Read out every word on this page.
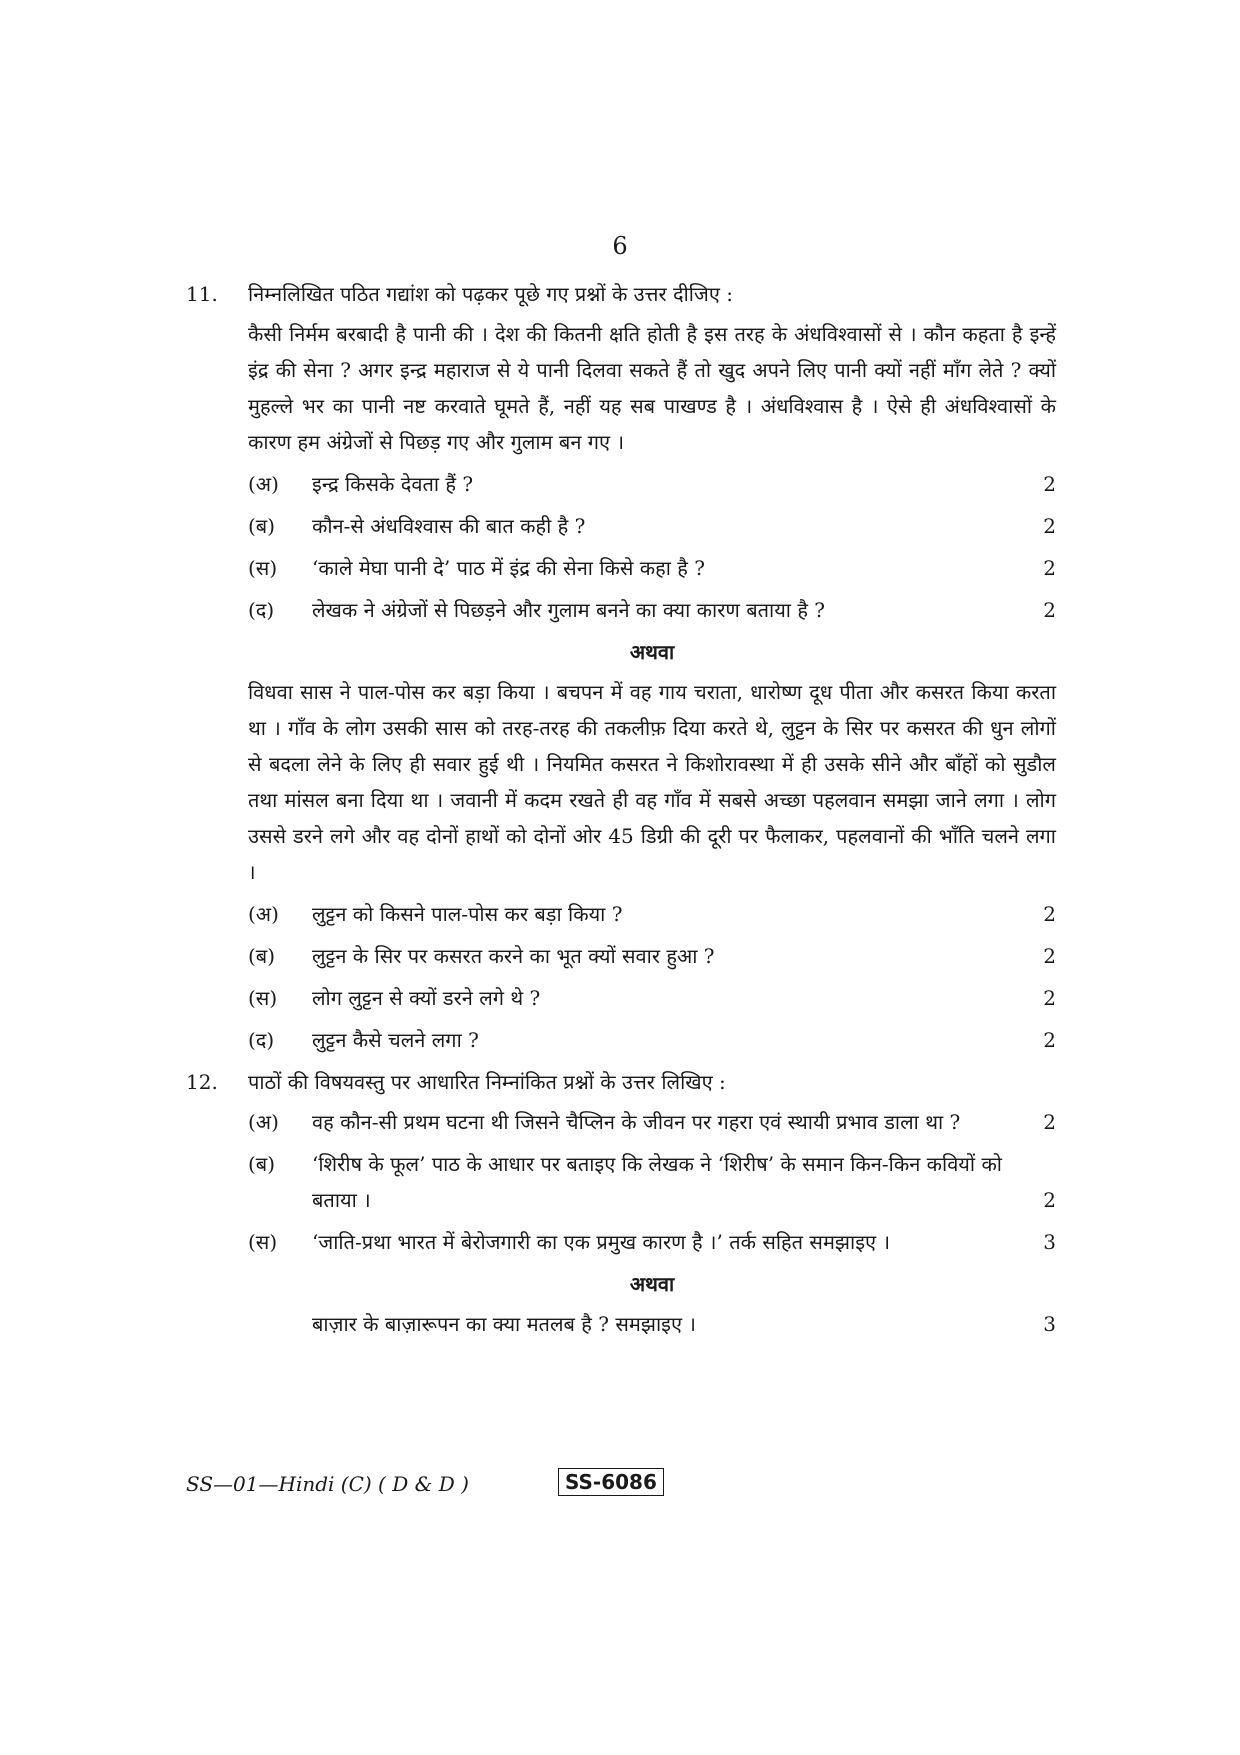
6
11. निम्नलिखित पठित गद्यांश को पढ़कर पूछे गए प्रश्नों के उत्तर दीजिए :

कैसी निर्मम बरबादी है पानी की । देश की कितनी क्षति होती है इस तरह के अंधविश्वासों से । कौन कहता है इन्हें इंद्र की सेना ? अगर इन्द्र महाराज से ये पानी दिलवा सकते हैं तो खुद अपने लिए पानी क्यों नहीं माँग लेते ? क्यों मुहल्ले भर का पानी नष्ट करवाते घूमते हैं, नहीं यह सब पाखण्ड है । अंधविश्वास है । ऐसे ही अंधविश्वासों के कारण हम अंग्रेजों से पिछड़ गए और गुलाम बन गए ।

(अ) इन्द्र किसके देवता हैं ?	2
(ब) कौन-से अंधविश्वास की बात कही है ?	2
(स) ‘काले मेघा पानी दे’ पाठ में इंद्र की सेना किसे कहा है ?	2
(द) लेखक ने अंग्रेजों से पिछड़ने और गुलाम बनने का क्या कारण बताया है ?	2
अथवा

विधवा सास ने पाल-पोस कर बड़ा किया । बचपन में वह गाय चराता, धारोष्ण दूध पीता और कसरत किया करता था । गाँव के लोग उसकी सास को तरह-तरह की तकलीफ़ दिया करते थे, लुट्टन के सिर पर कसरत की धुन लोगों से बदला लेने के लिए ही सवार हुई थी । नियमित कसरत ने किशोरावस्था में ही उसके सीने और बाँहों को सुडौल तथा मांसल बना दिया था । जवानी में कदम रखते ही वह गाँव में सबसे अच्छा पहलवान समझा जाने लगा । लोग उससे डरने लगे और वह दोनों हाथों को दोनों ओर 45 डिग्री की दूरी पर फैलाकर, पहलवानों की भाँति चलने लगा ।

(अ) लुट्टन को किसने पाल-पोस कर बड़ा किया ?	2
(ब) लुट्टन के सिर पर कसरत करने का भूत क्यों सवार हुआ ?	2
(स) लोग लुट्टन से क्यों डरने लगे थे ?	2
(द) लुट्टन कैसे चलने लगा ?	2
12. पाठों की विषयवस्तु पर आधारित निम्नांकित प्रश्नों के उत्तर लिखिए :

(अ) वह कौन-सी प्रथम घटना थी जिसने चैप्लिन के जीवन पर गहरा एवं स्थायी प्रभाव डाला था ?	2
(ब) ‘शिरीष के फूल’ पाठ के आधार पर बताइए कि लेखक ने ‘शिरीष’ के समान किन-किन कवियों को बताया ।	2
(स) ‘जाति-प्रथा भारत में बेरोजगारी का एक प्रमुख कारण है ।’ तर्क सहित समझाइए ।	3
अथवा
बाज़ार के बाज़ारूपन का क्या मतलब है ? समझाइए ।	3
SS—01—Hindi (C) ( D & D )	SS-6086
